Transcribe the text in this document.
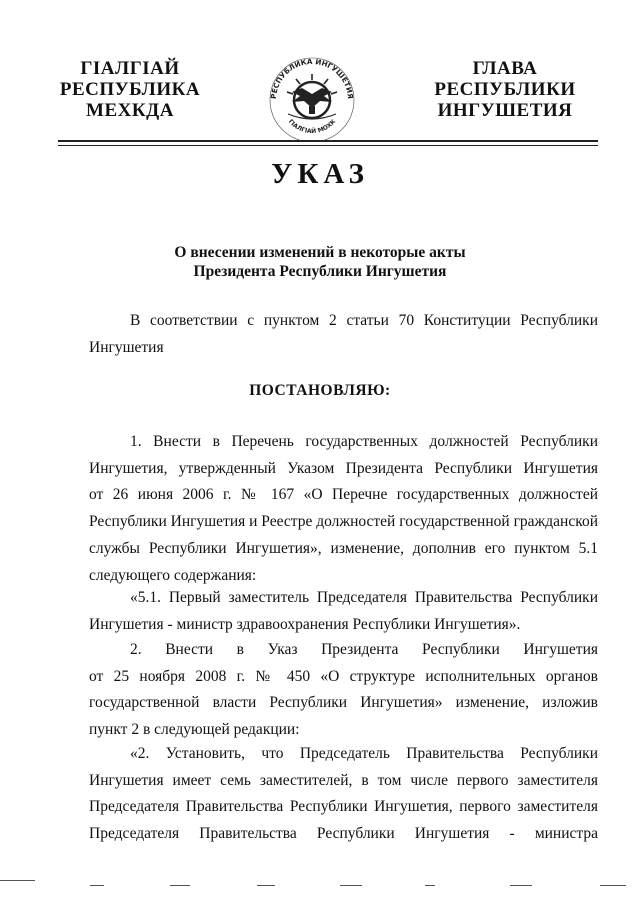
ГIАЛГIАЙ
РЕСПУБЛИКА
МЕХКДА
РЕСПУБЛИКА ИНГУШЕТИЯ
ГIАЛГIАЙ МОХК
ГЛАВА
РЕСПУБЛИКИ
ИНГУШЕТИЯ
УКАЗ
О внесении изменений в некоторые акты
Президента Республики Ингушетия
В соответствии с пунктом 2 статьи 70 Конституции Республики
Ингушетия
ПОСТАНОВЛЯЮ:
1. Внести в Перечень государственных должностей Республики
Ингушетия, утвержденный Указом Президента Республики Ингушетия
от 26 июня 2006 г. № 167 «О Перечне государственных должностей
Республики Ингушетия и Реестре должностей государственной гражданской
службы Республики Ингушетия», изменение, дополнив его пунктом 5.1
следующего содержания:
«5.1. Первый заместитель Председателя Правительства Республики
Ингушетия - министр здравоохранения Республики Ингушетия».
2. Внести в Указ Президента Республики Ингушетия
от 25 ноября 2008 г. № 450 «О структуре исполнительных органов
государственной власти Республики Ингушетия» изменение, изложив
пункт 2 в следующей редакции:
«2. Установить, что Председатель Правительства Республики
Ингушетия имеет семь заместителей, в том числе первого заместителя
Председателя Правительства Республики Ингушетия, первого заместителя
Председателя Правительства Республики Ингушетия - министра
